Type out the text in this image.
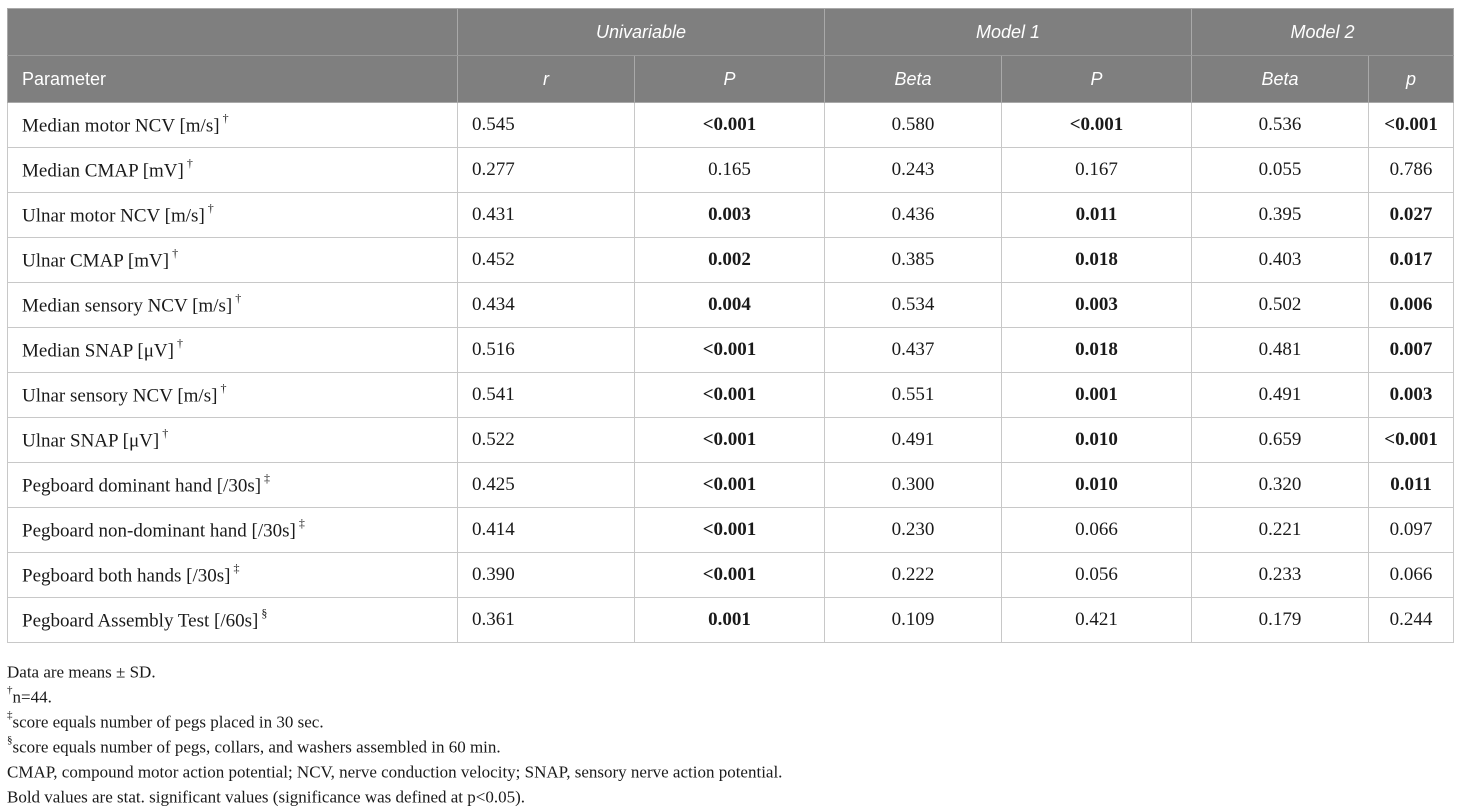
	Univariable		Model 1		Model 2	
Parameter	r	P	Beta	P	Beta	p
Median motor NCV [m/s] †	0.545	<0.001	0.580	<0.001	0.536	<0.001
Median CMAP [mV] †	0.277	0.165	0.243	0.167	0.055	0.786
Ulnar motor NCV [m/s] †	0.431	0.003	0.436	0.011	0.395	0.027
Ulnar CMAP [mV] †	0.452	0.002	0.385	0.018	0.403	0.017
Median sensory NCV [m/s] †	0.434	0.004	0.534	0.003	0.502	0.006
Median SNAP [μV] †	0.516	<0.001	0.437	0.018	0.481	0.007
Ulnar sensory NCV [m/s] †	0.541	<0.001	0.551	0.001	0.491	0.003
Ulnar SNAP [μV] †	0.522	<0.001	0.491	0.010	0.659	<0.001
Pegboard dominant hand [/30s] ‡	0.425	<0.001	0.300	0.010	0.320	0.011
Pegboard non-dominant hand [/30s] ‡	0.414	<0.001	0.230	0.066	0.221	0.097
Pegboard both hands [/30s] ‡	0.390	<0.001	0.222	0.056	0.233	0.066
Pegboard Assembly Test [/60s] §	0.361	0.001	0.109	0.421	0.179	0.244
Data are means ± SD.
†n=44.
‡score equals number of pegs placed in 30 sec.
§score equals number of pegs, collars, and washers assembled in 60 min.
CMAP, compound motor action potential; NCV, nerve conduction velocity; SNAP, sensory nerve action potential.
Bold values are stat. significant values (significance was defined at p<0.05).
